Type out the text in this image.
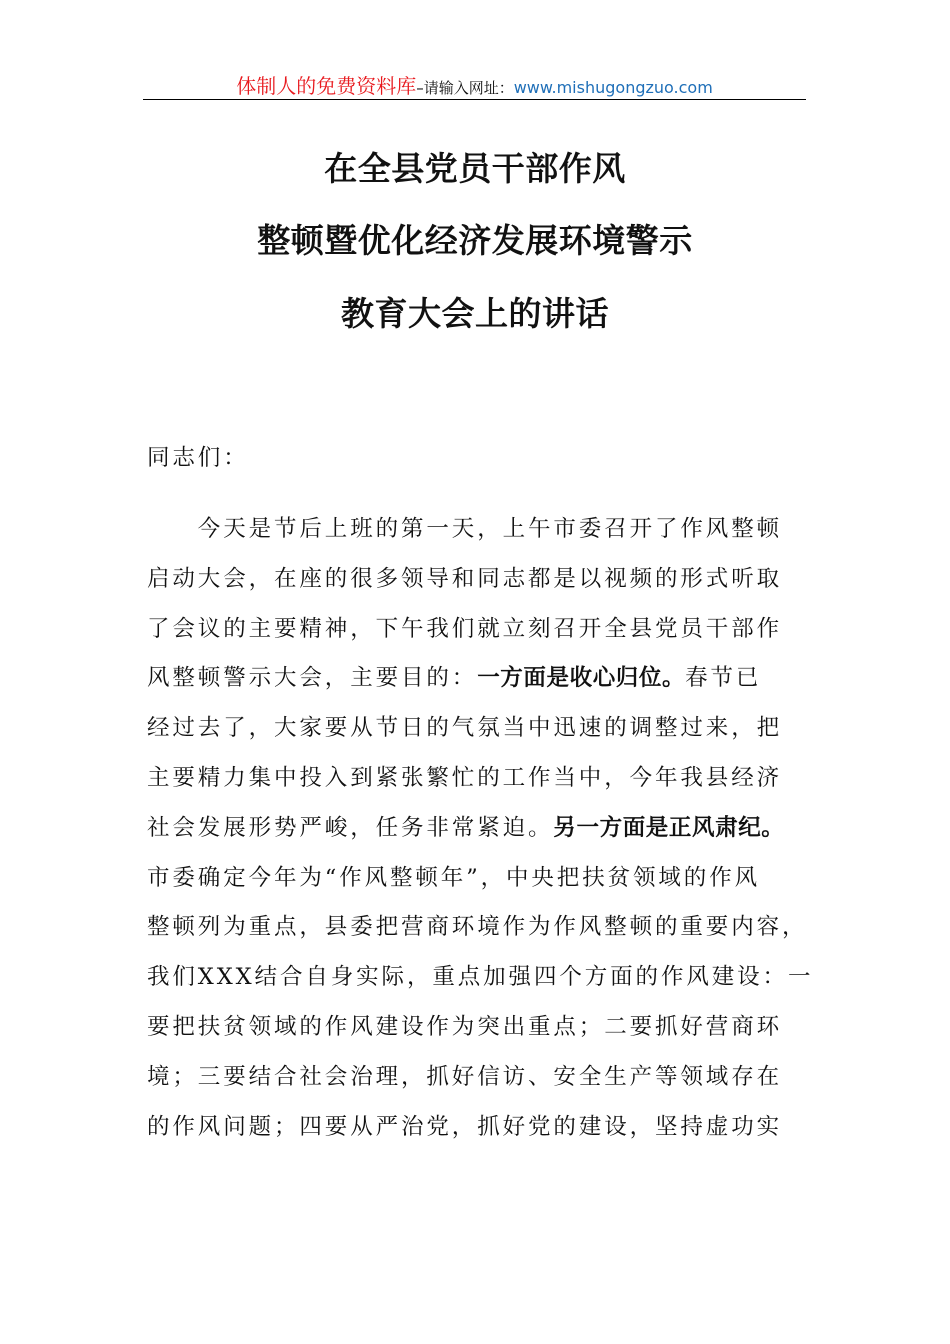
体制人的免费资料库–请输入网址：www.mishugongzuo.com
在全县党员干部作风
整顿暨优化经济发展环境警示
教育大会上的讲话
同志们：
　　今天是节后上班的第一天，上午市委召开了作风整顿
启动大会，在座的很多领导和同志都是以视频的形式听取
了会议的主要精神，下午我们就立刻召开全县党员干部作
风整顿警示大会，主要目的：一方面是收心归位。春节已
经过去了，大家要从节日的气氛当中迅速的调整过来，把
主要精力集中投入到紧张繁忙的工作当中，今年我县经济
社会发展形势严峻，任务非常紧迫。另一方面是正风肃纪。
市委确定今年为“作风整顿年”，中央把扶贫领域的作风
整顿列为重点，县委把营商环境作为作风整顿的重要内容，
我们XXX结合自身实际，重点加强四个方面的作风建设：一
要把扶贫领域的作风建设作为突出重点；二要抓好营商环
境；三要结合社会治理，抓好信访、安全生产等领域存在
的作风问题；四要从严治党，抓好党的建设，坚持虚功实
